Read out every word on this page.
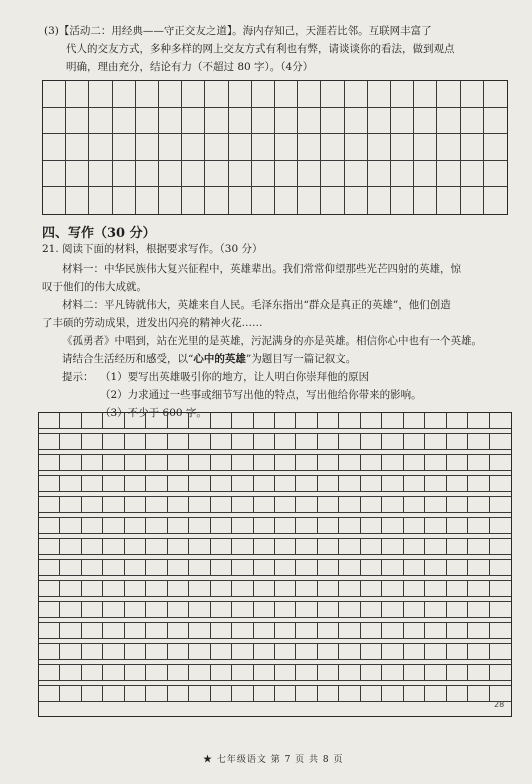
(3)【活动二：用经典——守正交友之道】。海内存知己，天涯若比邻。互联网丰富了
代人的交友方式，多种多样的网上交友方式有利也有弊，请谈谈你的看法，做到观点
明确，理由充分，结论有力（不超过 80 字）。（4分）
四、写作（30 分）
21. 阅读下面的材料，根据要求写作。（30 分）
材料一：中华民族伟大复兴征程中，英雄辈出。我们常常仰望那些光芒四射的英雄，惊
叹于他们的伟大成就。
材料二：平凡铸就伟大，英雄来自人民。毛泽东指出“群众是真正的英雄”，他们创造
了丰硕的劳动成果，迸发出闪亮的精神火花……
《孤勇者》中唱到，站在光里的是英雄，污泥满身的亦是英雄。相信你心中也有一个英雄。
请结合生活经历和感受，以“心中的英雄”为题目写一篇记叙文。
提示： （1）要写出英雄吸引你的地方，让人明白你崇拜他的原因
（2）力求通过一些事或细节写出他的特点，写出他给你带来的影响。
（3）不少于 600 字。
28
★ 七年级语文 第 7 页 共 8 页
